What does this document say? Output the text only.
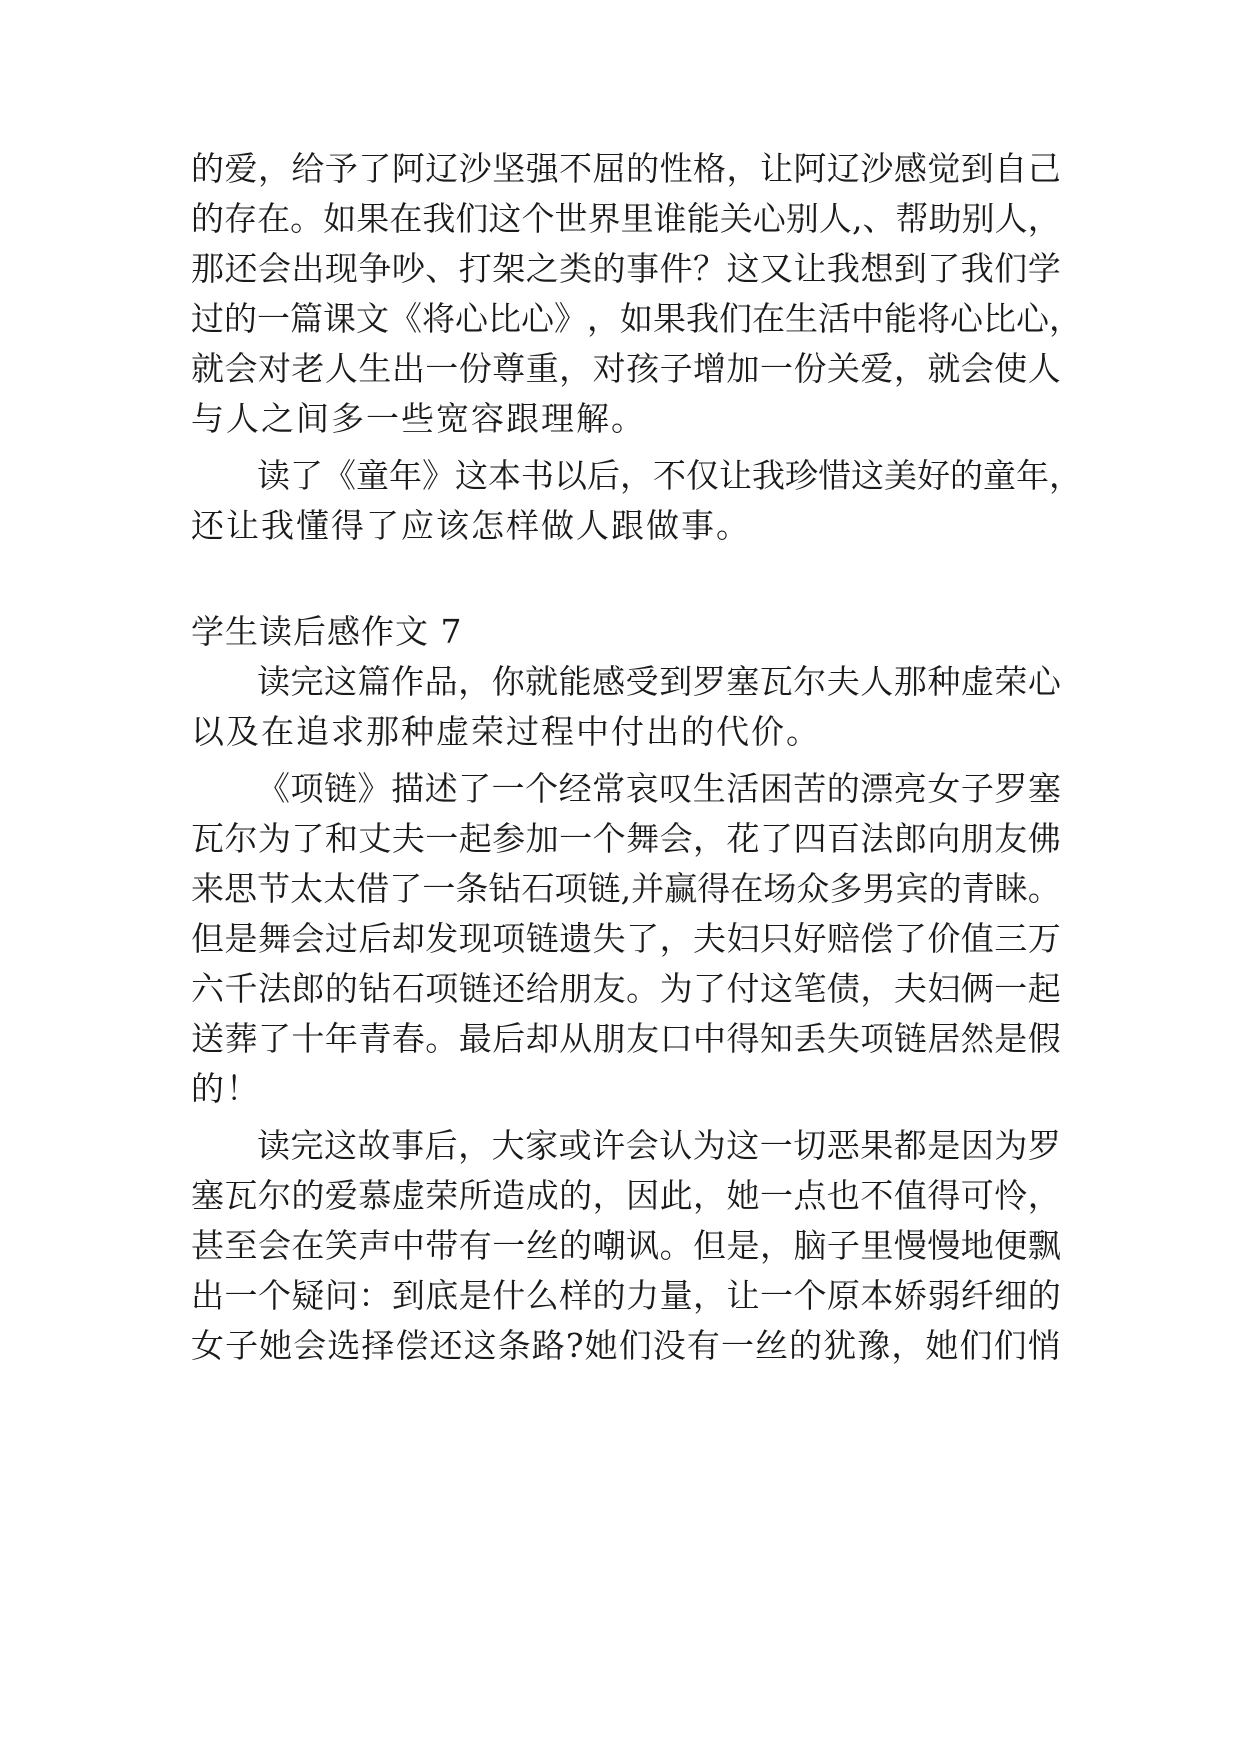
的 爱 ， 给 予 了 阿 辽 沙 坚 强 不 屈 的 性 格 ， 让 阿 辽 沙 感 觉 到 自 己
的 存 在 。 如 果 在 我 们 这 个 世 界 里 谁 能 关 心 别 人 , 、 帮 助 别 人 ，
那 还 会 出 现 争 吵 、 打 架 之 类 的 事 件 ？ 这 又 让 我 想 到 了 我 们 学
过 的 一 篇 课 文 《 将 心 比 心 》 ， 如 果 我 们 在 生 活 中 能 将 心 比 心 ，
就 会 对 老 人 生 出 一 份 尊 重 ， 对 孩 子 增 加 一 份 关 爱 ， 就 会 使 人
与人之间多一些宽容跟理解。
读 了 《 童 年 》 这 本 书 以 后 ， 不 仅 让 我 珍 惜 这 美 好 的 童 年 ，
还让我懂得了应该怎样做人跟做事。
学生读后感作文 7
读 完 这 篇 作 品 ， 你 就 能 感 受 到 罗 塞 瓦 尔 夫 人 那 种 虚 荣 心
以及在追求那种虚荣过程中付出的代价。
《 项 链 》 描 述 了 一 个 经 常 哀 叹 生 活 困 苦 的 漂 亮 女 子 罗 塞
瓦 尔 为 了 和 丈 夫 一 起 参 加 一 个 舞 会 ， 花 了 四 百 法 郎 向 朋 友 佛
来 思 节 太 太 借 了 一 条 钻 石 项 链 , 并 赢 得 在 场 众 多 男 宾 的 青 睐 。
但 是 舞 会 过 后 却 发 现 项 链 遗 失 了 ， 夫 妇 只 好 赔 偿 了 价 值 三 万
六 千 法 郎 的 钻 石 项 链 还 给 朋 友 。 为 了 付 这 笔 债 ， 夫 妇 俩 一 起
送 葬 了 十 年 青 春 。 最 后 却 从 朋 友 口 中 得 知 丢 失 项 链 居 然 是 假
的！
读 完 这 故 事 后 ， 大 家 或 许 会 认 为 这 一 切 恶 果 都 是 因 为 罗
塞 瓦 尔 的 爱 慕 虚 荣 所 造 成 的 ， 因 此 ， 她 一 点 也 不 值 得 可 怜 ，
甚 至 会 在 笑 声 中 带 有 一 丝 的 嘲 讽 。 但 是 ， 脑 子 里 慢 慢 地 便 飘
出 一 个 疑 问 ： 到 底 是 什 么 样 的 力 量 ， 让 一 个 原 本 娇 弱 纤 细 的
女 子 她 会 选 择 偿 还 这 条 路 ? 她 们 没 有 一 丝 的 犹 豫 ， 她 们 们 悄
